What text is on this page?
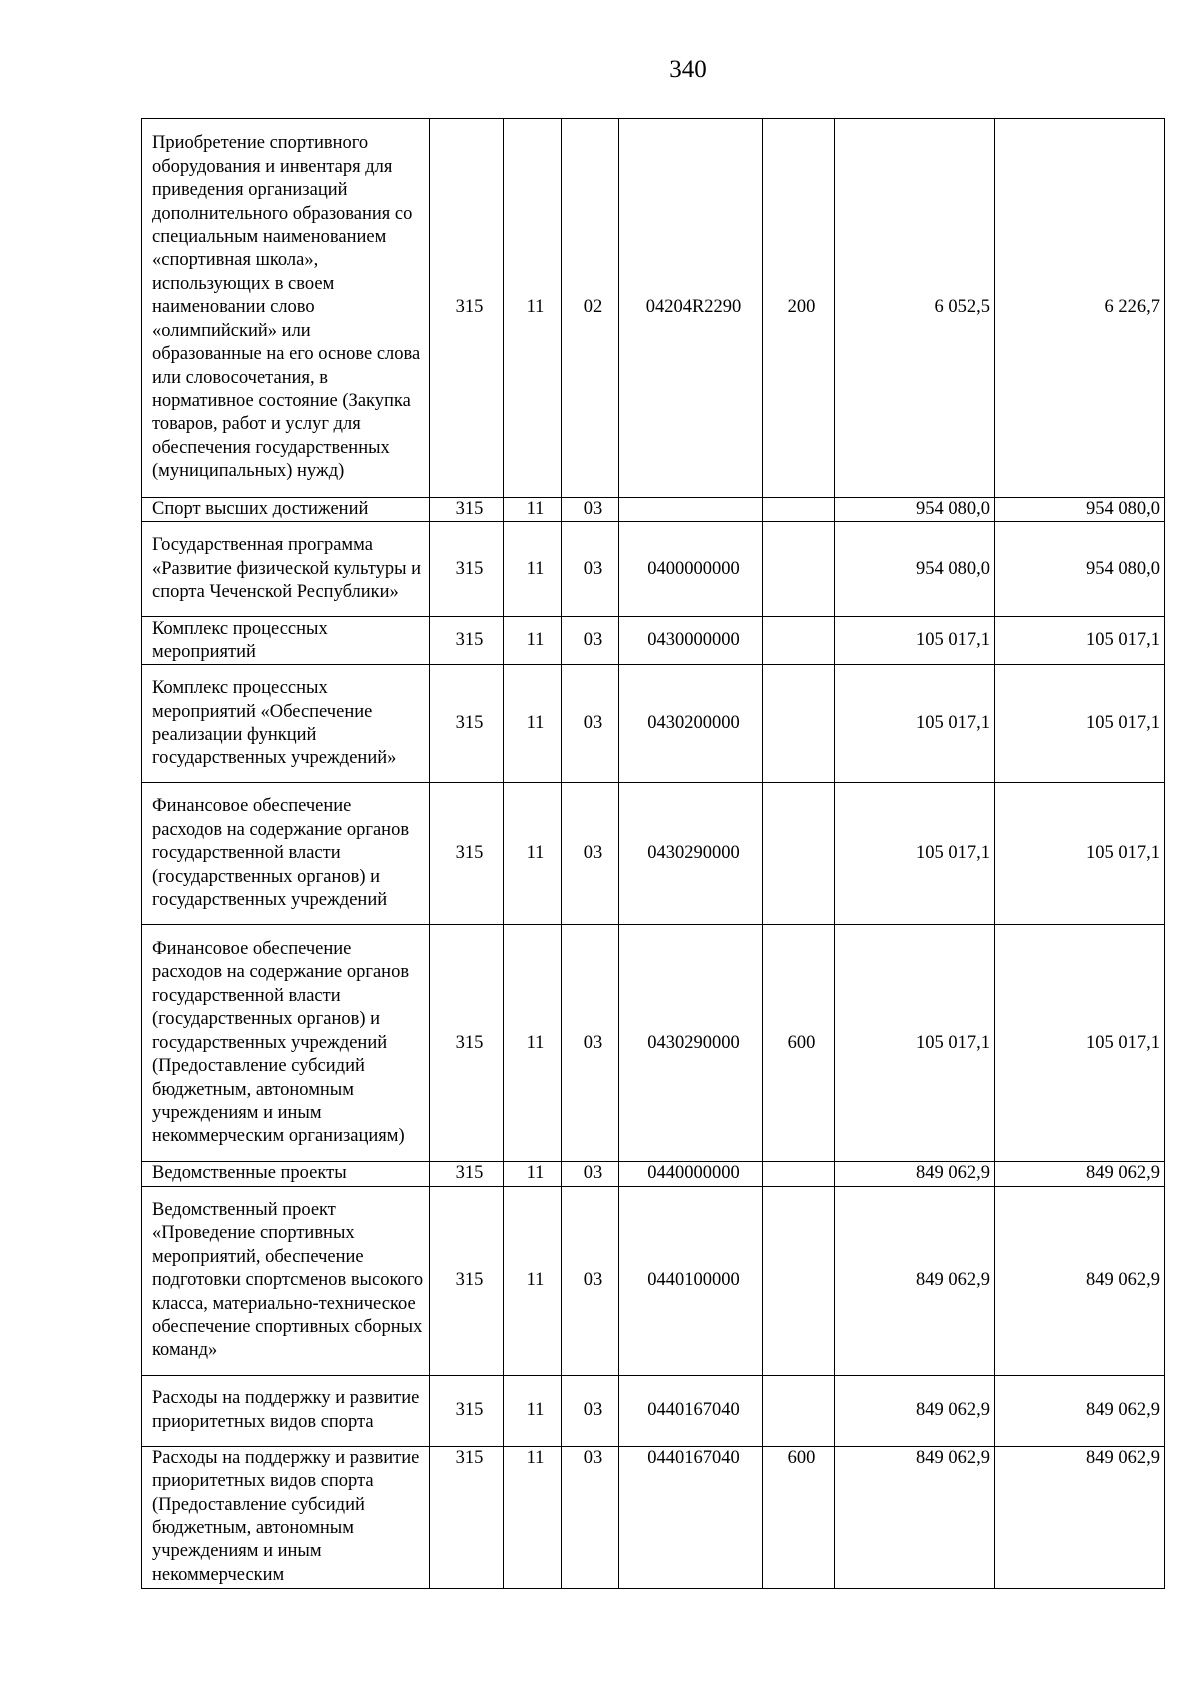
340
Приобретение спортивного оборудования и инвентаря для приведения организаций дополнительного образования со специальным наименованием «спортивная школа», использующих в своем наименовании слово «олимпийский» или образованные на его основе слова или словосочетания, в нормативное состояние (Закупка товаров, работ и услуг для обеспечения государственных (муниципальных) нужд)	315	11	02	04204R2290	200	6 052,5	6 226,7
Спорт высших достижений	315	11	03			954 080,0	954 080,0
Государственная программа «Развитие физической культуры и спорта Чеченской Республики»	315	11	03	0400000000		954 080,0	954 080,0
Комплекс процессных мероприятий	315	11	03	0430000000		105 017,1	105 017,1
Комплекс процессных мероприятий «Обеспечение реализации функций государственных учреждений»	315	11	03	0430200000		105 017,1	105 017,1
Финансовое обеспечение расходов на содержание органов государственной власти (государственных органов) и государственных учреждений	315	11	03	0430290000		105 017,1	105 017,1
Финансовое обеспечение расходов на содержание органов государственной власти (государственных органов) и государственных учреждений (Предоставление субсидий бюджетным, автономным учреждениям и иным некоммерческим организациям)	315	11	03	0430290000	600	105 017,1	105 017,1
Ведомственные проекты	315	11	03	0440000000		849 062,9	849 062,9
Ведомственный проект «Проведение спортивных мероприятий, обеспечение подготовки спортсменов высокого класса, материально-техническое обеспечение спортивных сборных команд»	315	11	03	0440100000		849 062,9	849 062,9
Расходы на поддержку и развитие приоритетных видов спорта	315	11	03	0440167040		849 062,9	849 062,9
Расходы на поддержку и развитие приоритетных видов спорта (Предоставление субсидий бюджетным, автономным учреждениям и иным некоммерческим	315	11	03	0440167040	600	849 062,9	849 062,9
